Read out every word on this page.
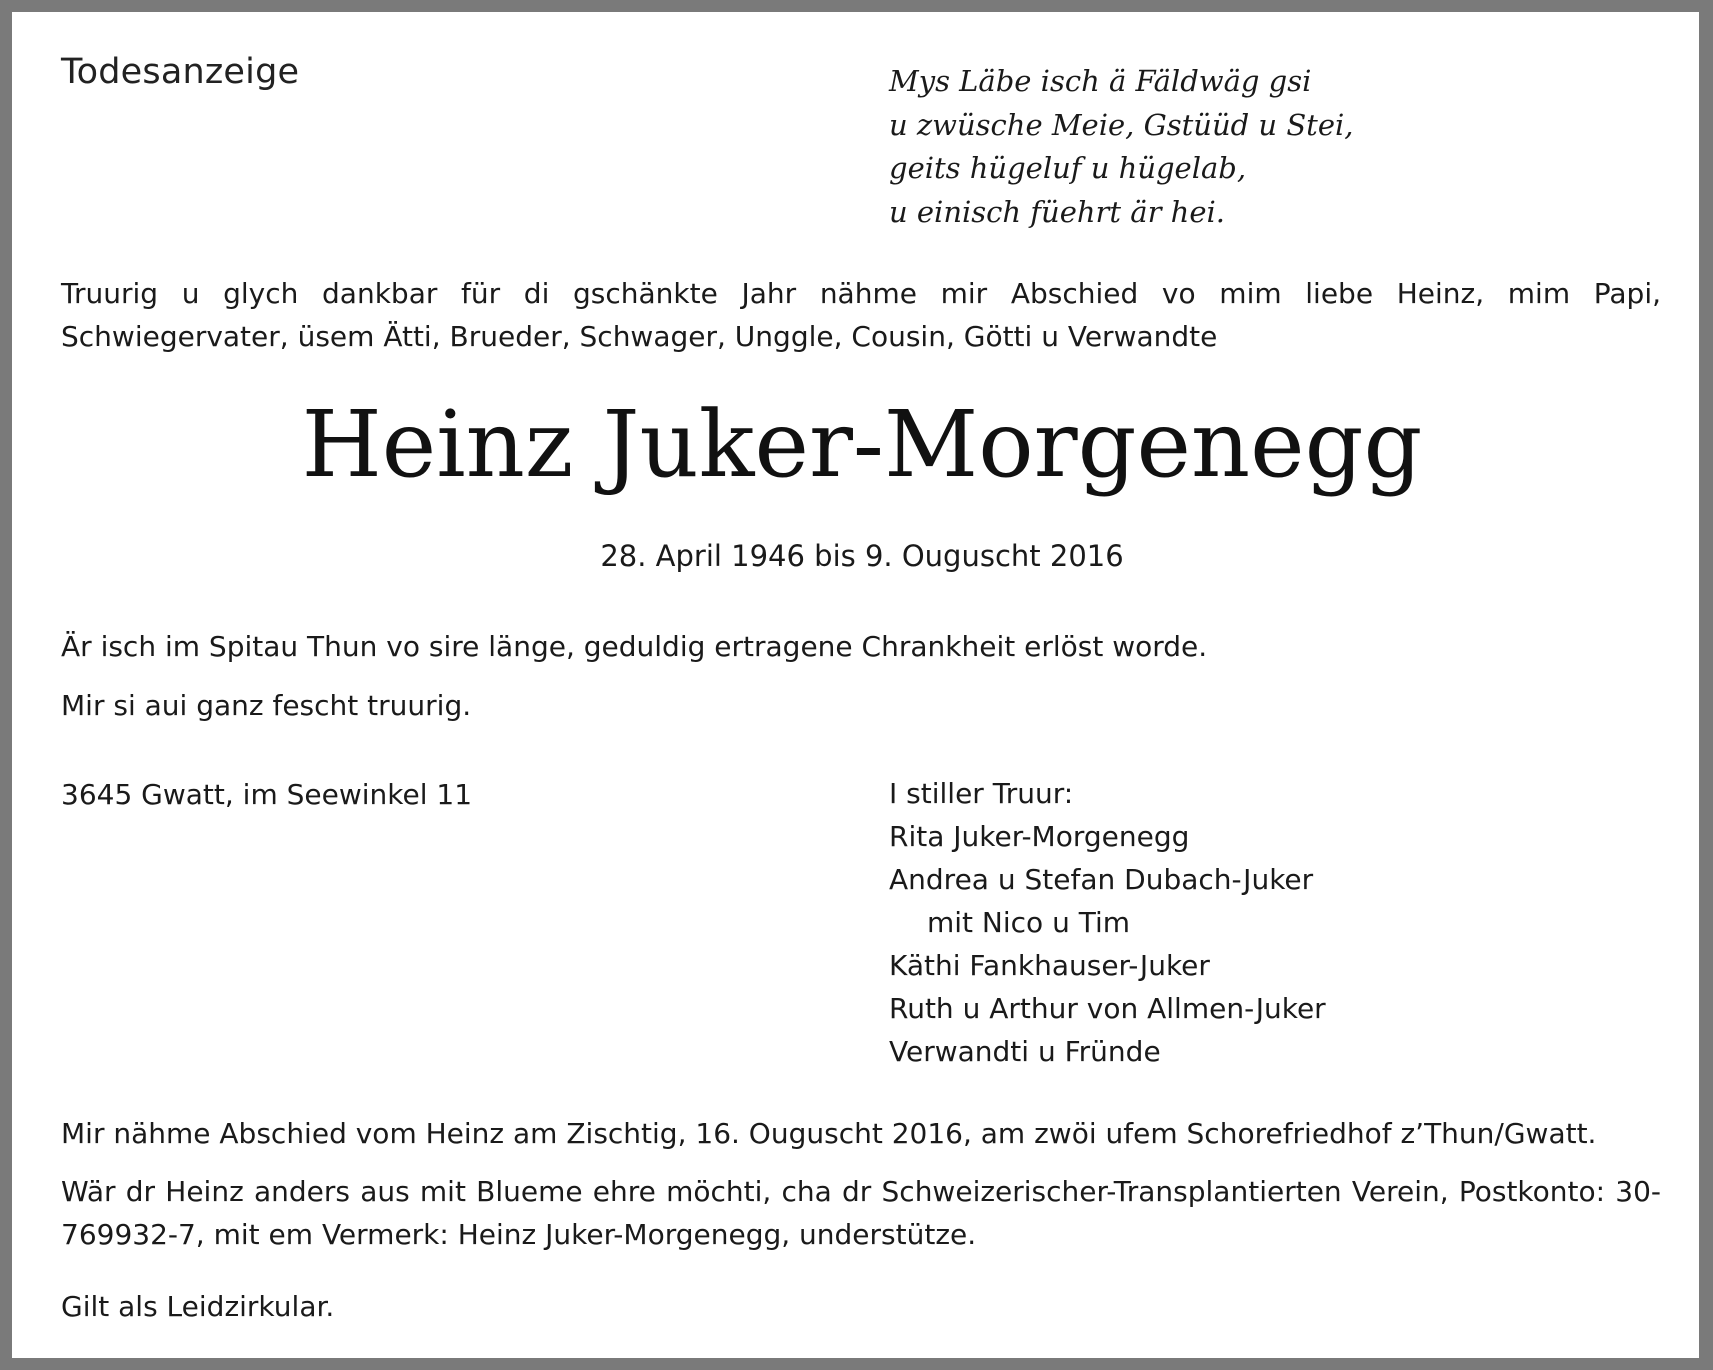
Todesanzeige	Mys Läbe isch ä Fäldwäg gsi
u zwüsche Meie, Gstüüd u Stei,
geits hügeluf u hügelab,
u einisch füehrt är hei.
Truurig u glych dankbar für di gschänkte Jahr nähme mir Abschied vo mim liebe Heinz, mim Papi, Schwiegervater, üsem Ätti, Brueder, Schwager, Unggle, Cousin, Götti u Verwandte
Heinz Juker-Morgenegg
28. April 1946 bis 9. Ouguscht 2016
Är isch im Spitau Thun vo sire länge, geduldig ertragene Chrankheit erlöst worde.
Mir si aui ganz fescht truurig.
3645 Gwatt, im Seewinkel 11	I stiller Truur:
Rita Juker-Morgenegg
Andrea u Stefan Dubach-Juker
mit Nico u Tim
Käthi Fankhauser-Juker
Ruth u Arthur von Allmen-Juker
Verwandti u Fründe
Mir nähme Abschied vom Heinz am Zischtig, 16. Ouguscht 2016, am zwöi ufem Schorefriedhof z’Thun/Gwatt.
Wär dr Heinz anders aus mit Blueme ehre möchti, cha dr Schweizerischer-Transplantierten Verein, Postkonto: 30-769932-7, mit em Vermerk: Heinz Juker-Morgenegg, understütze.
Gilt als Leidzirkular.
